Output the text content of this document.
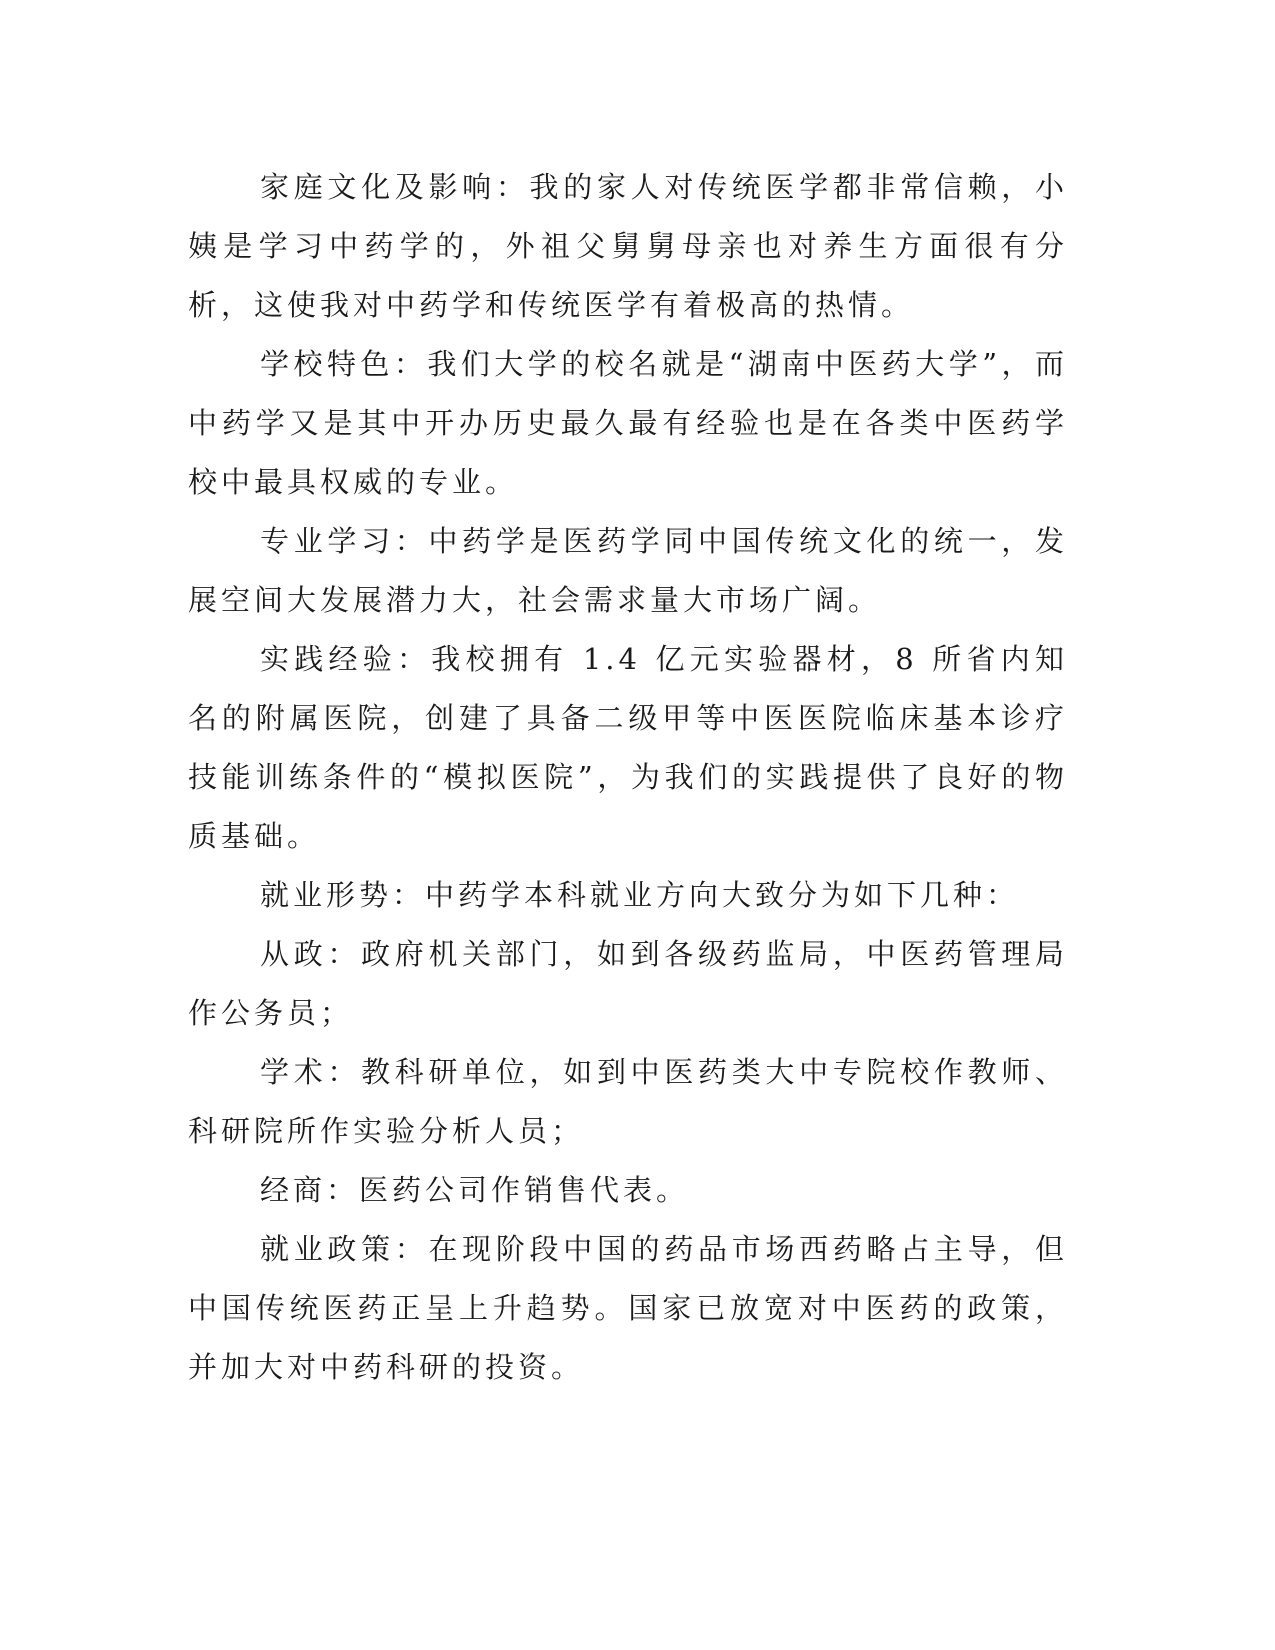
家庭文化及影响：我的家人对传统医学都非常信赖，小姨是学习中药学的，外祖父舅舅母亲也对养生方面很有分析，这使我对中药学和传统医学有着极高的热情。

学校特色：我们大学的校名就是“湖南中医药大学”，而中药学又是其中开办历史最久最有经验也是在各类中医药学校中最具权威的专业。

专业学习：中药学是医药学同中国传统文化的统一，发展空间大发展潜力大，社会需求量大市场广阔。

实践经验：我校拥有 1.4 亿元实验器材，8 所省内知名的附属医院，创建了具备二级甲等中医医院临床基本诊疗技能训练条件的“模拟医院”，为我们的实践提供了良好的物质基础。

就业形势：中药学本科就业方向大致分为如下几种：

从政：政府机关部门，如到各级药监局，中医药管理局作公务员；

学术：教科研单位，如到中医药类大中专院校作教师、科研院所作实验分析人员；

经商：医药公司作销售代表。

就业政策：在现阶段中国的药品市场西药略占主导，但中国传统医药正呈上升趋势。国家已放宽对中医药的政策，并加大对中药科研的投资。
